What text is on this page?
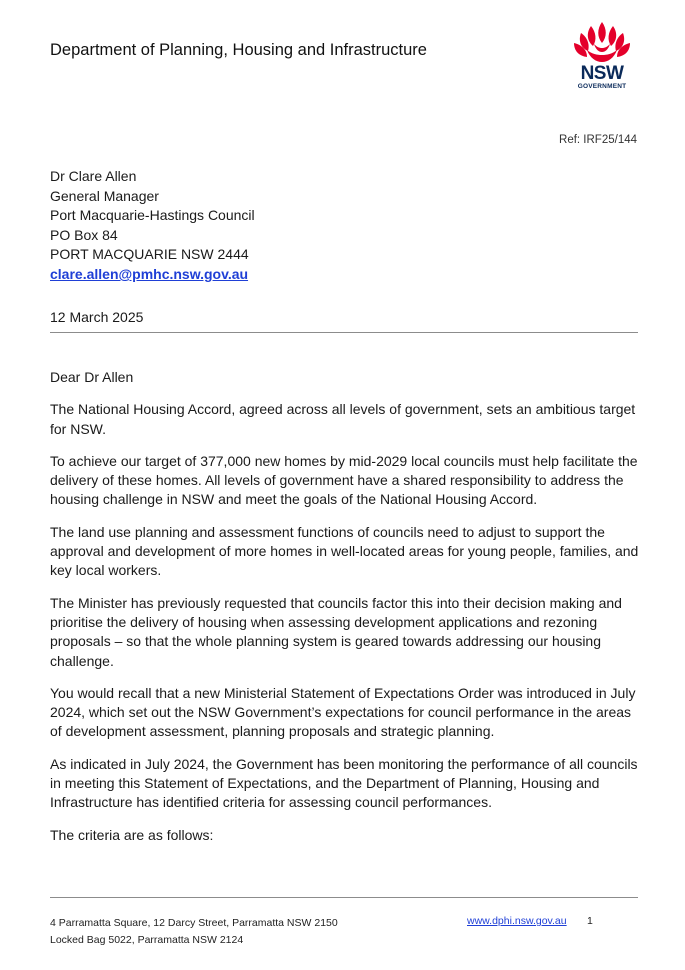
Department of Planning, Housing and Infrastructure
NSW
GOVERNMENT
Ref: IRF25/144
Dr Clare Allen
General Manager
Port Macquarie-Hastings Council
PO Box 84
PORT MACQUARIE NSW 2444
clare.allen@pmhc.nsw.gov.au
12 March 2025

Dear Dr Allen

The National Housing Accord, agreed across all levels of government, sets an ambitious target for NSW.

To achieve our target of 377,000 new homes by mid-2029 local councils must help facilitate the delivery of these homes. All levels of government have a shared responsibility to address the housing challenge in NSW and meet the goals of the National Housing Accord.

The land use planning and assessment functions of councils need to adjust to support the approval and development of more homes in well-located areas for young people, families, and key local workers.

The Minister has previously requested that councils factor this into their decision making and prioritise the delivery of housing when assessing development applications and rezoning proposals – so that the whole planning system is geared towards addressing our housing challenge.

You would recall that a new Ministerial Statement of Expectations Order was introduced in July 2024, which set out the NSW Government’s expectations for council performance in the areas of development assessment, planning proposals and strategic planning.

As indicated in July 2024, the Government has been monitoring the performance of all councils in meeting this Statement of Expectations, and the Department of Planning, Housing and Infrastructure has identified criteria for assessing council performances.

The criteria are as follows:

4 Parramatta Square, 12 Darcy Street, Parramatta NSW 2150
Locked Bag 5022, Parramatta NSW 2124
www.dphi.nsw.gov.au 1
